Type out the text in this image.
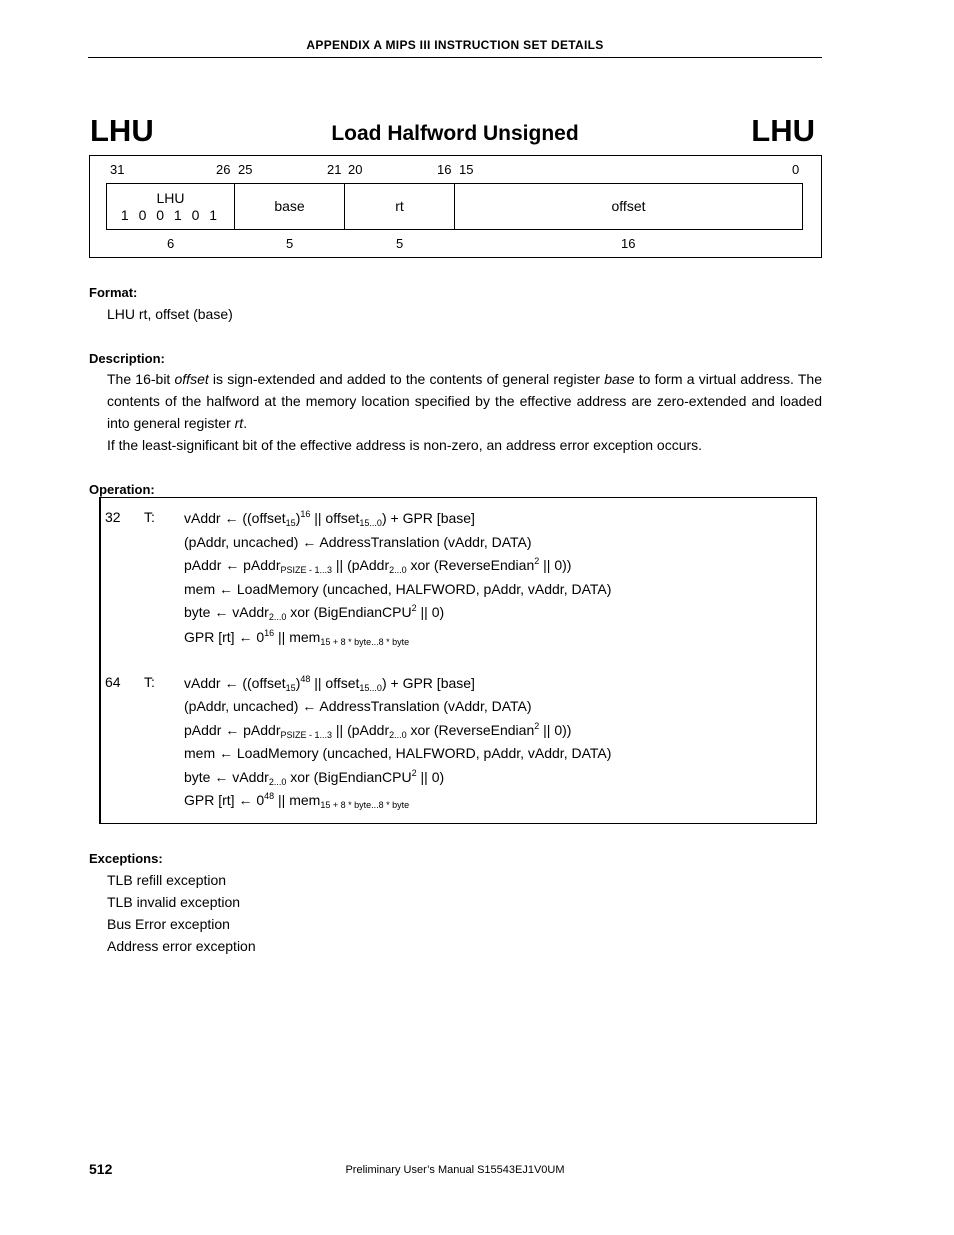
APPENDIX A MIPS III INSTRUCTION SET DETAILS
LHU	Load Halfword Unsigned	LHU
31	26 25	21 20	16 15	0
LHU
1 0 0 1 0 1
base	rt	offset
6	5	5	16
Format:
LHU rt, offset (base)
Description:

The 16-bit offset is sign-extended and added to the contents of general register base to form a virtual address. The contents of the halfword at the memory location specified by the effective address are zero-extended and loaded into general register rt.

If the least-significant bit of the effective address is non-zero, an address error exception occurs.

Operation:
32 T: vAddr ← ((offset$_{15}$)$^{16}$ || offset$_{15...0}$) + GPR [base]
(pAddr, uncached) ← AddressTranslation (vAddr, DATA)
pAddr ← pAddr$_{PSIZE - 1...3}$ || (pAddr$_{2...0}$ xor (ReverseEndian$^2$ || 0))
mem ← LoadMemory (uncached, HALFWORD, pAddr, vAddr, DATA)
byte ← vAddr$_{2...0}$ xor (BigEndianCPU$^2$ || 0)
GPR [rt] ← $0^{16}$ || mem$_{15 + 8 * byte...8 * byte}$
64 T: vAddr ← ((offset$_{15}$)$^{48}$ || offset$_{15...0}$) + GPR [base]
(pAddr, uncached) ← AddressTranslation (vAddr, DATA)
pAddr ← pAddr$_{PSIZE - 1...3}$ || (pAddr$_{2...0}$ xor (ReverseEndian$^2$ || 0))
mem ← LoadMemory (uncached, HALFWORD, pAddr, vAddr, DATA)
byte ← vAddr$_{2...0}$ xor (BigEndianCPU$^2$ || 0)
GPR [rt] ← $0^{48}$ || mem$_{15 + 8 * byte...8 * byte}$
Exceptions:
TLB refill exception
TLB invalid exception
Bus Error exception
Address error exception
512	Preliminary User’s Manual S15543EJ1V0UM
